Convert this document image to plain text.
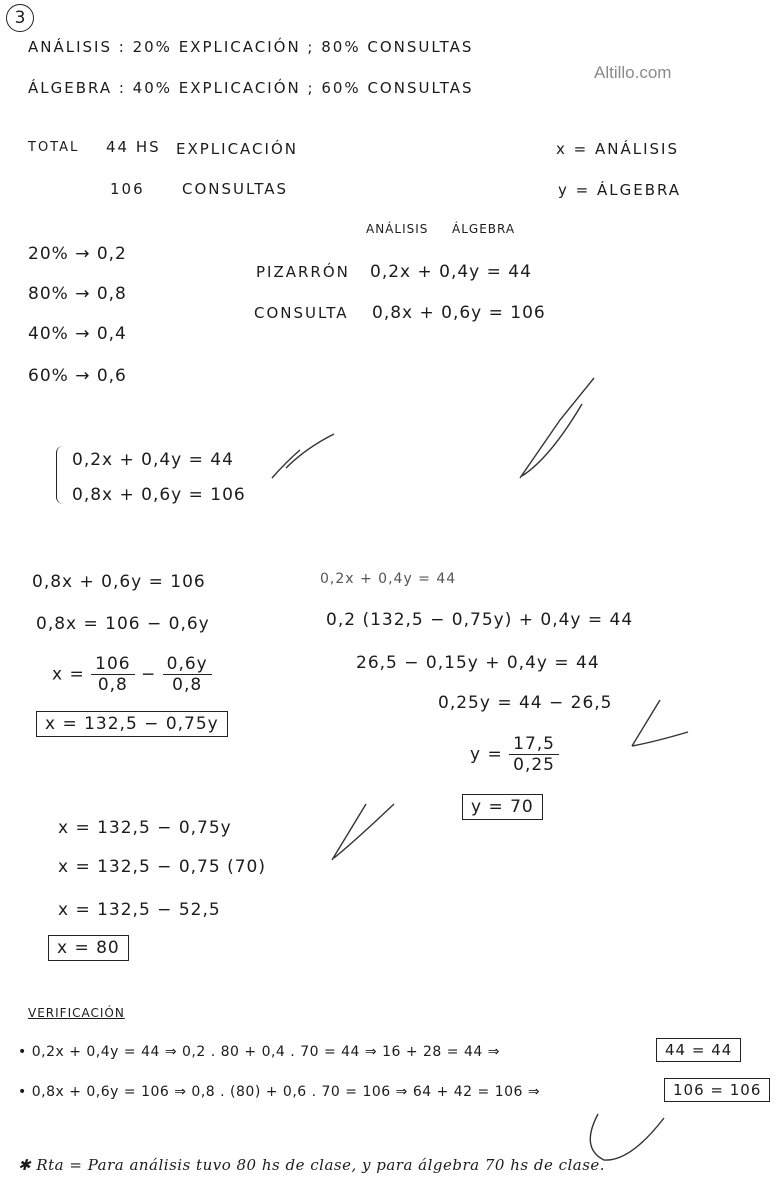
3
ANÁLISIS : 20% EXPLICACIÓN ; 80% CONSULTAS
ÁLGEBRA : 40% EXPLICACIÓN ; 60% CONSULTAS
Altillo.com
TOTAL 44 HS EXPLICACIÓN
106 CONSULTAS
x = ANÁLISIS
y = ÁLGEBRA
20% → 0,2
80% → 0,8
40% → 0,4
60% → 0,6
ANÁLISIS ÁLGEBRA
PIZARRÓN 0,2x + 0,4y = 44
CONSULTA 0,8x + 0,6y = 106
0,2x + 0,4y = 44
0,8x + 0,6y = 106
0,8x + 0,6y = 106
0,8x = 106 − 0,6y
$x = \frac{106}{0,8} - \frac{0,6y}{0,8}$
x = 132,5 − 0,75y
0,2x + 0,4y = 44
0,2 (132,5 − 0,75y) + 0,4y = 44
26,5 − 0,15y + 0,4y = 44
0,25y = 44 − 26,5
$y = \frac{17,5}{0,25}$
y = 70
x = 132,5 − 0,75y
x = 132,5 − 0,75 (70)
x = 132,5 − 52,5
x = 80
VERIFICACIÓN
• 0,2x + 0,4y = 44 ⇒ 0,2 . 80 + 0,4 . 70 = 44 ⇒ 16 + 28 = 44 ⇒	44 = 44
• 0,8x + 0,6y = 106 ⇒ 0,8 . (80) + 0,6 . 70 = 106 ⇒ 64 + 42 = 106 ⇒	106 = 106
✱ Rta = Para análisis tuvo 80 hs de clase, y para álgebra 70 hs de clase.
